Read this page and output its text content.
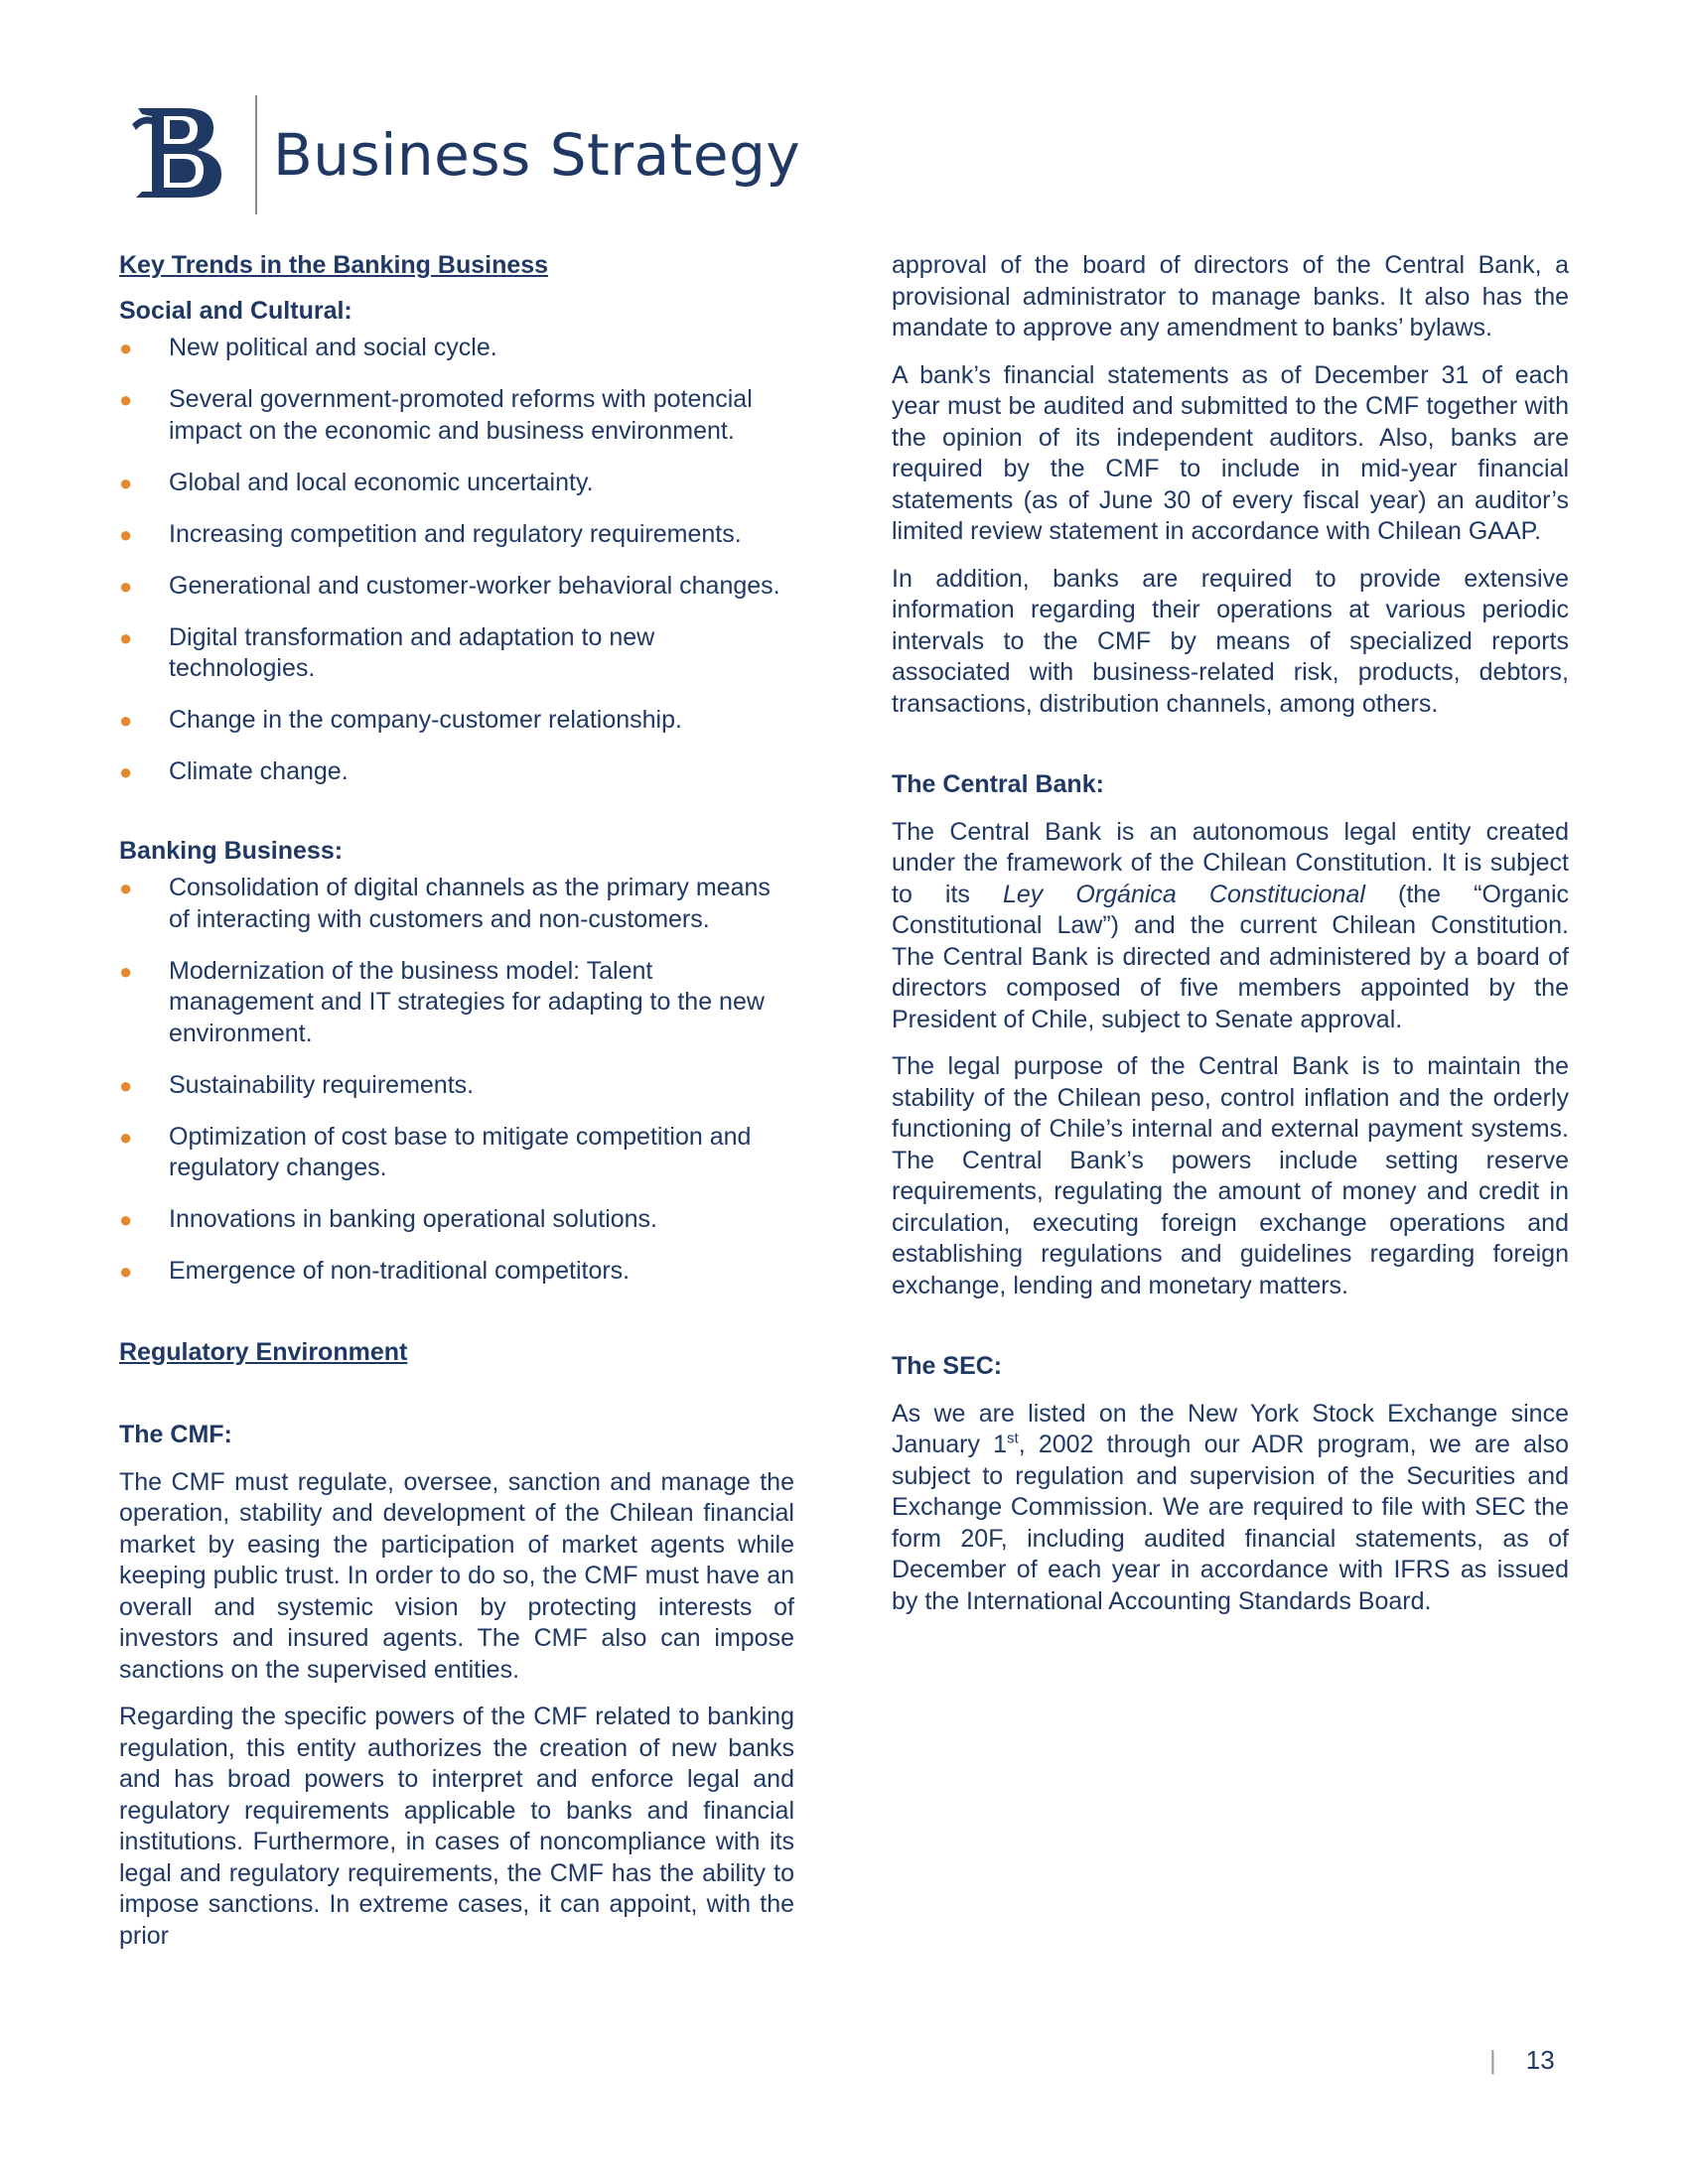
Business Strategy
Key Trends in the Banking Business
Social and Cultural:
● New political and social cycle.
● Several government-promoted reforms with potencial impact on the economic and business environment.
● Global and local economic uncertainty.
● Increasing competition and regulatory requirements.
● Generational and customer-worker behavioral changes.
● Digital transformation and adaptation to new technologies.
● Change in the company-customer relationship.
● Climate change.
Banking Business:
● Consolidation of digital channels as the primary means of interacting with customers and non-customers.
● Modernization of the business model: Talent management and IT strategies for adapting to the new environment.
● Sustainability requirements.
● Optimization of cost base to mitigate competition and regulatory changes.
● Innovations in banking operational solutions.
● Emergence of non-traditional competitors.
Regulatory Environment
The CMF:

The CMF must regulate, oversee, sanction and manage the operation, stability and development of the Chilean financial market by easing the participation of market agents while keeping public trust. In order to do so, the CMF must have an overall and systemic vision by protecting interests of investors and insured agents. The CMF also can impose sanctions on the supervised entities.

Regarding the specific powers of the CMF related to banking regulation, this entity authorizes the creation of new banks and has broad powers to interpret and enforce legal and regulatory requirements applicable to banks and financial institutions. Furthermore, in cases of noncompliance with its legal and regulatory requirements, the CMF has the ability to impose sanctions. In extreme cases, it can appoint, with the prior

approval of the board of directors of the Central Bank, a provisional administrator to manage banks. It also has the mandate to approve any amendment to banks’ bylaws.

A bank’s financial statements as of December 31 of each year must be audited and submitted to the CMF together with the opinion of its independent auditors. Also, banks are required by the CMF to include in mid-year financial statements (as of June 30 of every fiscal year) an auditor’s limited review statement in accordance with Chilean GAAP.

In addition, banks are required to provide extensive information regarding their operations at various periodic intervals to the CMF by means of specialized reports associated with business-related risk, products, debtors, transactions, distribution channels, among others.

The Central Bank:

The Central Bank is an autonomous legal entity created under the framework of the Chilean Constitution. It is subject to its Ley Orgánica Constitucional (the “Organic Constitutional Law”) and the current Chilean Constitution. The Central Bank is directed and administered by a board of directors composed of five members appointed by the President of Chile, subject to Senate approval.

The legal purpose of the Central Bank is to maintain the stability of the Chilean peso, control inflation and the orderly functioning of Chile’s internal and external payment systems. The Central Bank’s powers include setting reserve requirements, regulating the amount of money and credit in circulation, executing foreign exchange operations and establishing regulations and guidelines regarding foreign exchange, lending and monetary matters.

The SEC:

As we are listed on the New York Stock Exchange since January 1st, 2002 through our ADR program, we are also subject to regulation and supervision of the Securities and Exchange Commission. We are required to file with SEC the form 20F, including audited financial statements, as of December of each year in accordance with IFRS as issued by the International Accounting Standards Board.

| 13
